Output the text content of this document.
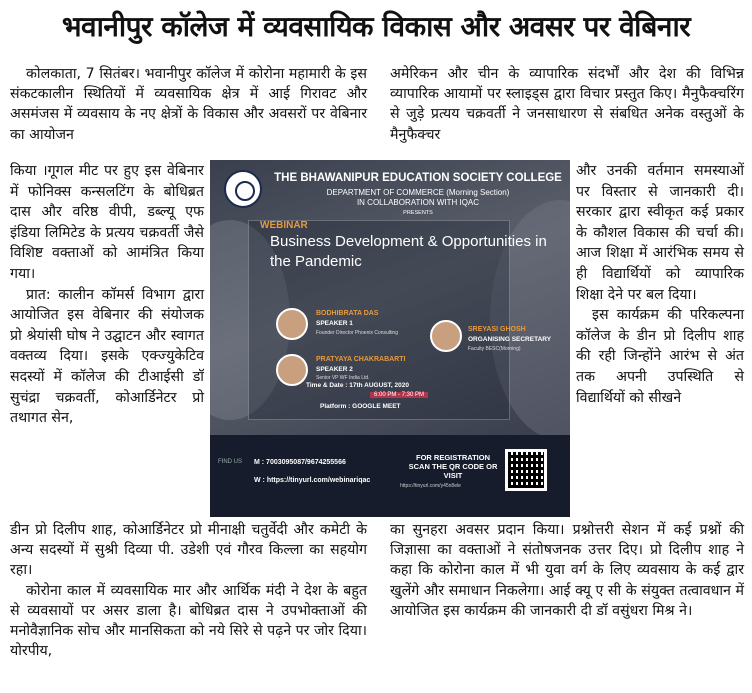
भवानीपुर कॉलेज में व्यवसायिक विकास और अवसर पर वेबिनार

कोलकाता, 7 सितंबर। भवानीपुर कॉलेज में कोरोना महामारी के इस संकटकालीन स्थितियों में व्यवसायिक क्षेत्र में आई गिरावट और असमंजस में व्यवसाय के नए क्षेत्रों के विकास और अवसरों पर वेबिनार का आयोजन

किया ।गूगल मीट पर हुए इस वेबिनार में फोनिक्स कन्सलटिंग के बोधिब्रत दास और वरिष्ठ वीपी, डब्ल्यू एफ इंडिया लिमिटेड के प्रत्यय चक्रवर्ती जैसे विशिष्ट वक्ताओं को आमंत्रित किया गया।

प्रात: कालीन कॉमर्स विभाग द्वारा आयोजित इस वेबिनार की संयोजक प्रो श्रेयांसी घोष ने उद्घाटन और स्वागत वक्तव्य दिया। इसके एक्ज्युकेटिव सदस्यों में कॉलेज की टीआईसी डॉ सुचंद्रा चक्रवर्ती, कोआर्डिनेटर प्रो तथागत सेन,

डीन प्रो दिलीप शाह, कोआर्डिनेटर प्रो मीनाक्षी चतुर्वेदी और कमेटी के अन्य सदस्यों में सुश्री दिव्या पी. उडेशी एवं गौरव किल्ला का सहयोग रहा।

कोरोना काल में व्यवसायिक मार और आर्थिक मंदी ने देश के बहुत से व्यवसायों पर असर डाला है। बोधिब्रत दास ने उपभोक्ताओं की मनोवैज्ञानिक सोच और मानसिकता को नये सिरे से पढ़ने पर जोर दिया। योरपीय,

अमेरिकन और चीन के व्यापारिक संदर्भों और देश की विभिन्न व्यापारिक आयामों पर स्लाइड्स द्वारा विचार प्रस्तुत किए। मैनुफैक्चरिंग से जुड़े प्रत्यय चक्रवर्ती ने जनसाधारण से संबधित अनेक वस्तुओं के मैनुफैक्चर

और उनकी वर्तमान समस्याओं पर विस्तार से जानकारी दी।सरकार द्वारा स्वीकृत कई प्रकार के कौशल विकास की चर्चा की। आज शिक्षा में आरंभिक समय से ही विद्यार्थियों को व्यापारिक शिक्षा देने पर बल दिया।

इस कार्यक्रम की परिकल्पना कॉलेज के डीन प्रो दिलीप शाह की रही जिन्होंने आरंभ से अंत तक अपनी उपस्थिति से विद्यार्थियों को सीखने

का सुनहरा अवसर प्रदान किया। प्रश्नोत्तरी सेशन में कई प्रश्नों की जिज्ञासा का वक्ताओं ने संतोषजनक उत्तर दिए। प्रो दिलीप शाह ने कहा कि कोरोना काल में भी युवा वर्ग के लिए व्यवसाय के कई द्वार खुलेंगे और समाधान निकलेगा। आई क्यू ए सी के संयुक्त तत्वावधान में आयोजित इस कार्यक्रम की जानकारी दी डॉ वसुंधरा मिश्र ने।

THE BHAWANIPUR EDUCATION SOCIETY COLLEGE
DEPARTMENT OF COMMERCE (Morning Section)
IN COLLABORATION WITH IQAC
PRESENTS
WEBINAR
Business Development & Opportunities in the Pandemic
BODHIBRATA DAS
SPEAKER 1
Founder Director Phoenix Consulting
PRATYAYA CHAKRABARTI
SPEAKER 2
Senior VP WF India Ltd.
SREYASI GHOSH
ORGANISING SECRETARY
Faculty BESC(Morning)
Time & Date : 17th AUGUST, 2020
6:00 PM - 7:30 PM
Platform : GOOGLE MEET
FIND US M : 7003095087/9674255566
W : https://tinyurl.com/webinariqac
FOR REGISTRATION SCAN THE QR CODE OR VISIT
https://tinyurl.com/y45n8ele
